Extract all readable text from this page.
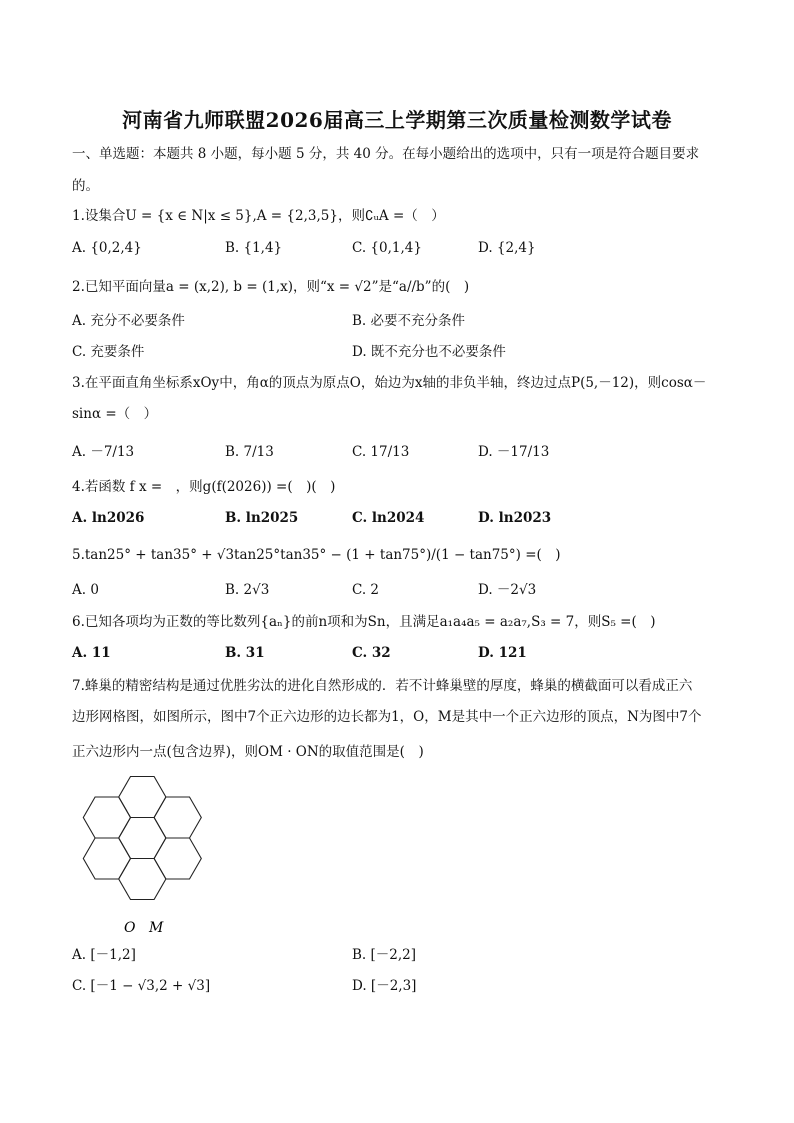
河南省九师联盟2026届高三上学期第三次质量检测数学试卷
一、单选题：本题共 8 小题，每小题 5 分，共 40 分。在每小题给出的选项中，只有一项是符合题目要求
的。
1.设集合U = {x ∈ N|x ≤ 5},A = {2,3,5}，则∁ᵤA =（　）
A. {0,2,4}	B. {1,4}	C. {0,1,4}	D. {2,4}
2.已知平面向量a = (x,2), b = (1,x)，则“x = √2”是“a//b”的(　)
A. 充分不必要条件	B. 必要不充分条件
C. 充要条件	D. 既不充分也不必要条件
3.在平面直角坐标系xOy中，角α的顶点为原点O，始边为x轴的非负半轴，终边过点P(5,－12)，则cosα－
sinα =（　）
A. －7/13	B. 7/13	C. 17/13	D. －17/13
4.若函数 f x =　，则g(f(2026)) =(　)(　)
A. ln2026	B. ln2025	C. ln2024	D. ln2023
5.tan25° + tan35° + √3tan25°tan35° − (1 + tan75°)/(1 − tan75°) =(　)
A. 0	B. 2√3	C. 2	D. －2√3
6.已知各项均为正数的等比数列{aₙ}的前n项和为Sn，且满足a₁a₄a₅ = a₂a₇,S₃ = 7，则S₅ =(　)
A. 11	B. 31	C. 32	D. 121
7.蜂巢的精密结构是通过优胜劣汰的进化自然形成的．若不计蜂巢壁的厚度，蜂巢的横截面可以看成正六
边形网格图，如图所示，图中7个正六边形的边长都为1，O，M是其中一个正六边形的顶点，N为图中7个
正六边形内一点(包含边界)，则OM · ON的取值范围是(　)
O M
A. [－1,2]	B. [－2,2]
C. [－1 − √3,2 + √3]	D. [－2,3]
